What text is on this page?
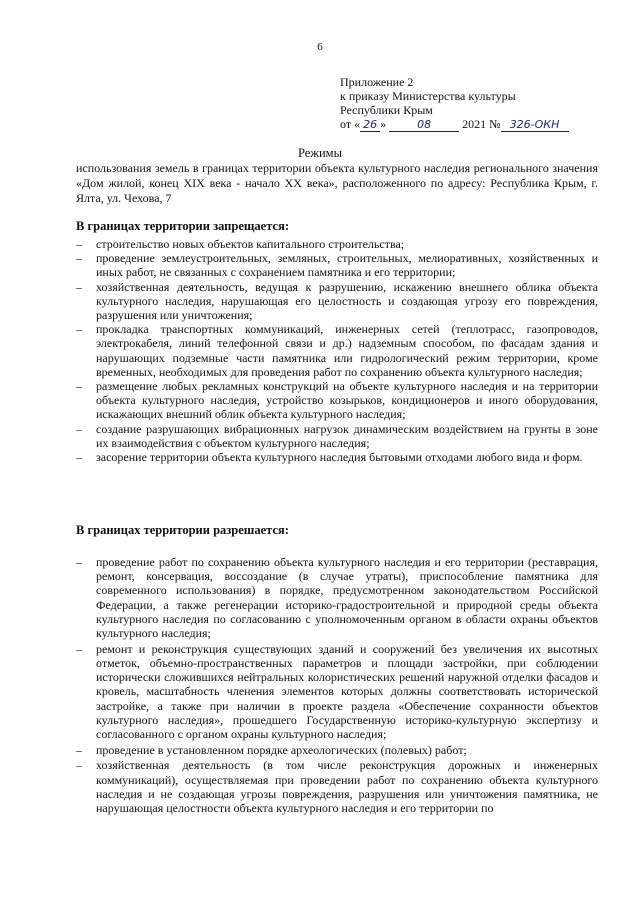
6
Приложение 2
к приказу Министерства культуры
Республики Крым
от « 26 »	08	2021 № 326-ОКН
Режимы
использования земель в границах территории объекта культурного наследия регионального значения «Дом жилой, конец XIX века - начало XX века», расположенного по адресу: Республика Крым, г. Ялта, ул. Чехова, 7
В границах территории запрещается:
– строительство новых объектов капитального строительства;
– проведение землеустроительных, земляных, строительных, мелиоративных, хозяйственных и иных работ, не связанных с сохранением памятника и его территории;
– хозяйственная деятельность, ведущая к разрушению, искажению внешнего облика объекта культурного наследия, нарушающая его целостность и создающая угрозу его повреждения, разрушения или уничтожения;
– прокладка транспортных коммуникаций, инженерных сетей (теплотрасс, газопроводов, электрокабеля, линий телефонной связи и др.) надземным способом, по фасадам здания и нарушающих подземные части памятника или гидрологический режим территории, кроме временных, необходимых для проведения работ по сохранению объекта культурного наследия;
– размещение любых рекламных конструкций на объекте культурного наследия и на территории объекта культурного наследия, устройство козырьков, кондиционеров и иного оборудования, искажающих внешний облик объекта культурного наследия;
– создание разрушающих вибрационных нагрузок динамическим воздействием на грунты в зоне их взаимодействия с объектом культурного наследия;
– засорение территории объекта культурного наследия бытовыми отходами любого вида и форм.
В границах территории разрешается:
– проведение работ по сохранению объекта культурного наследия и его территории (реставрация, ремонт, консервация, воссоздание (в случае утраты), приспособление памятника для современного использования) в порядке, предусмотренном законодательством Российской Федерации, а также регенерации историко-градостроительной и природной среды объекта культурного наследия по согласованию с уполномоченным органом в области охраны объектов культурного наследия;
– ремонт и реконструкция существующих зданий и сооружений без увеличения их высотных отметок, объемно-пространственных параметров и площади застройки, при соблюдении исторически сложившихся нейтральных колористических решений наружной отделки фасадов и кровель, масштабность членения элементов которых должны соответствовать исторической застройке, а также при наличии в проекте раздела «Обеспечение сохранности объектов культурного наследия», прошедшего Государственную историко-культурную экспертизу и согласованного с органом охраны культурного наследия;
– проведение в установленном порядке археологических (полевых) работ;
– хозяйственная деятельность (в том числе реконструкция дорожных и инженерных коммуникаций), осуществляемая при проведении работ по сохранению объекта культурного наследия и не создающая угрозы повреждения, разрушения или уничтожения памятника, не нарушающая целостности объекта культурного наследия и его территории по
